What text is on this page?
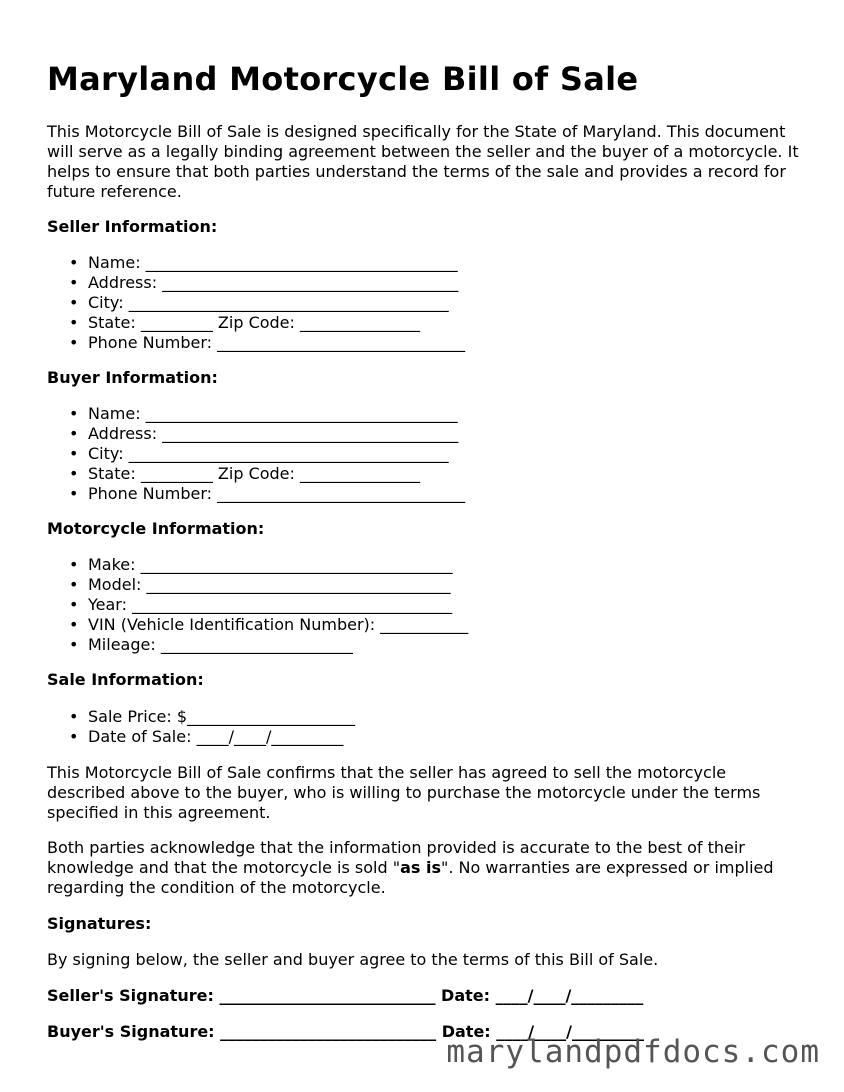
Maryland Motorcycle Bill of Sale

This Motorcycle Bill of Sale is designed specifically for the State of Maryland. This document will serve as a legally binding agreement between the seller and the buyer of a motorcycle. It helps to ensure that both parties understand the terms of the sale and provides a record for future reference.

Seller Information:

• Name: _______________________________________
• Address: _____________________________________
• City: ________________________________________
• State: _________ Zip Code: _______________
• Phone Number: _______________________________

Buyer Information:

• Name: _______________________________________
• Address: _____________________________________
• City: ________________________________________
• State: _________ Zip Code: _______________
• Phone Number: _______________________________

Motorcycle Information:

• Make: _______________________________________
• Model: ______________________________________
• Year: ________________________________________
• VIN (Vehicle Identification Number): ___________
• Mileage: ________________________

Sale Information:

• Sale Price: $_____________________
• Date of Sale: ____/____/_________

This Motorcycle Bill of Sale confirms that the seller has agreed to sell the motorcycle described above to the buyer, who is willing to purchase the motorcycle under the terms specified in this agreement.

Both parties acknowledge that the information provided is accurate to the best of their knowledge and that the motorcycle is sold "as is". No warranties are expressed or implied regarding the condition of the motorcycle.

Signatures:

By signing below, the seller and buyer agree to the terms of this Bill of Sale.

Seller's Signature: ___________________________ Date: ____/____/_________
Buyer's Signature: ___________________________ Date: ____/____/_________
marylandpdfdocs.com
